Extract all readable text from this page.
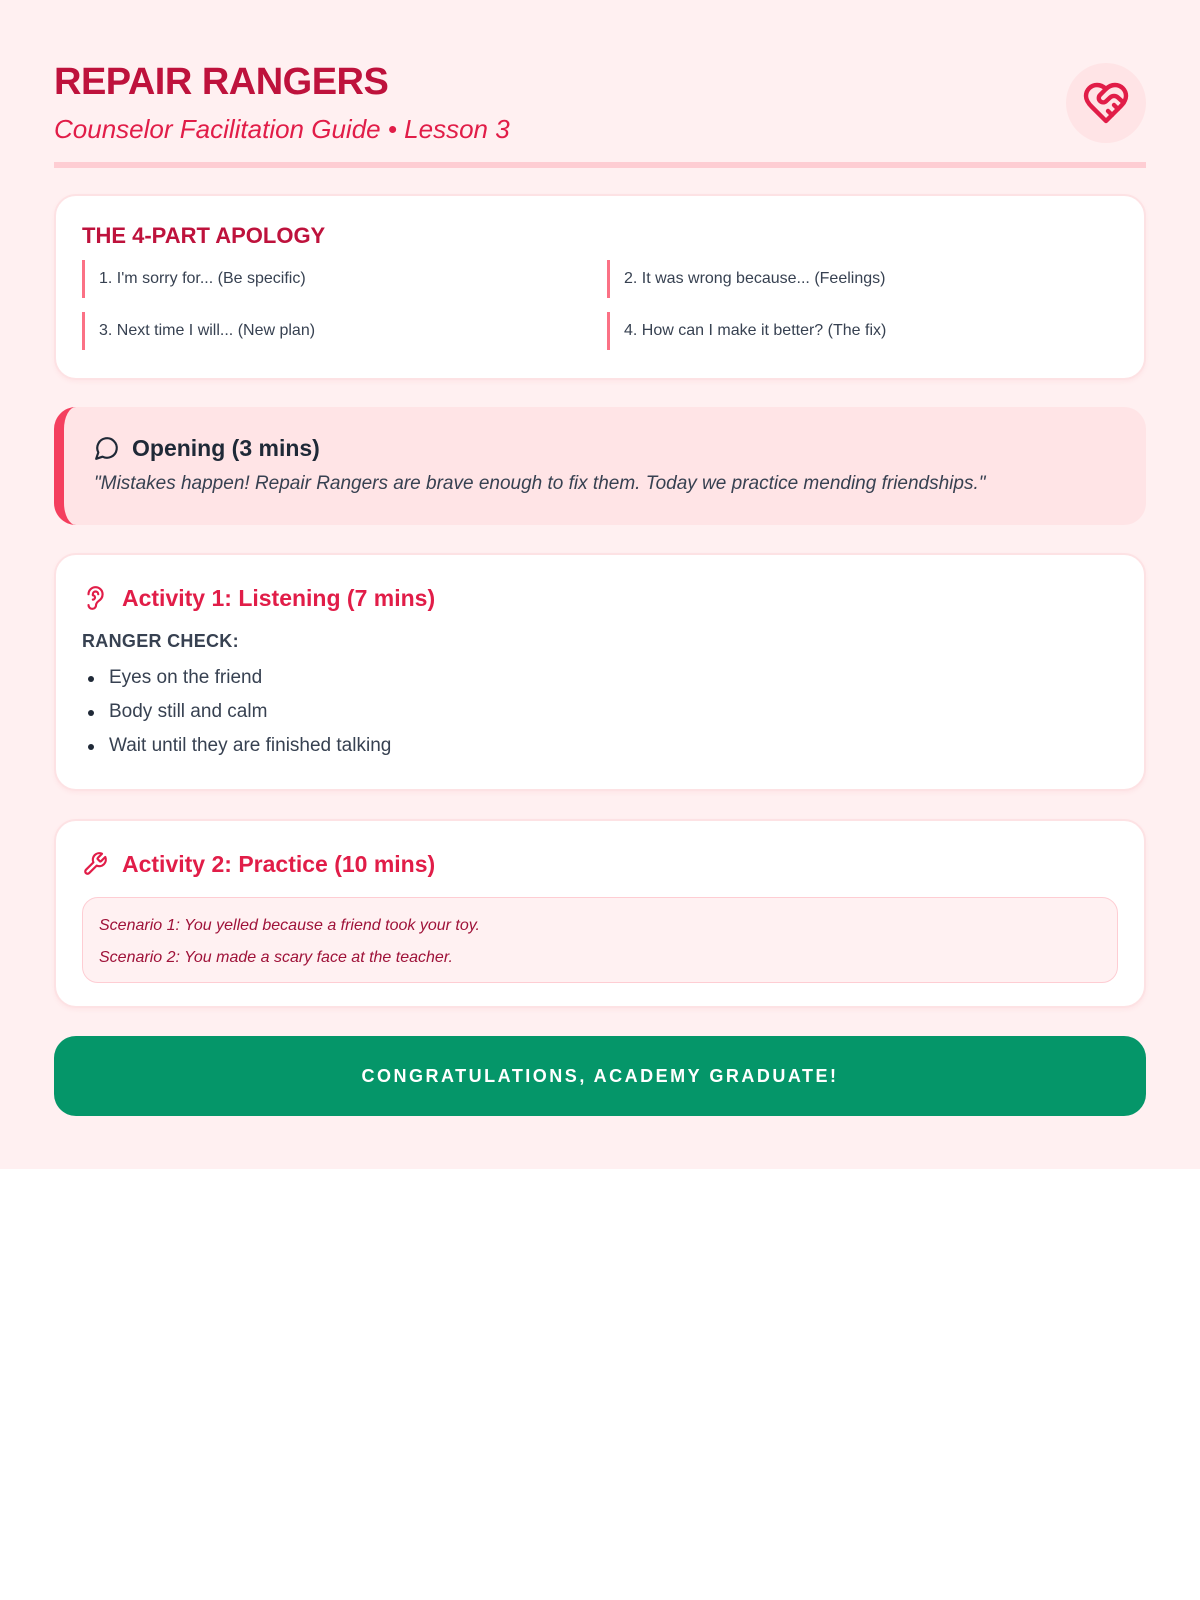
REPAIR RANGERS
Counselor Facilitation Guide • Lesson 3
THE 4-PART APOLOGY
1. I'm sorry for... (Be specific)	2. It was wrong because... (Feelings)
3. Next time I will... (New plan)	4. How can I make it better? (The fix)
Opening (3 mins)
"Mistakes happen! Repair Rangers are brave enough to fix them. Today we practice mending friendships."
Activity 1: Listening (7 mins)
RANGER CHECK:
Eyes on the friend
Body still and calm
Wait until they are finished talking
Activity 2: Practice (10 mins)
Scenario 1: You yelled because a friend took your toy.
Scenario 2: You made a scary face at the teacher.
CONGRATULATIONS, ACADEMY GRADUATE!
